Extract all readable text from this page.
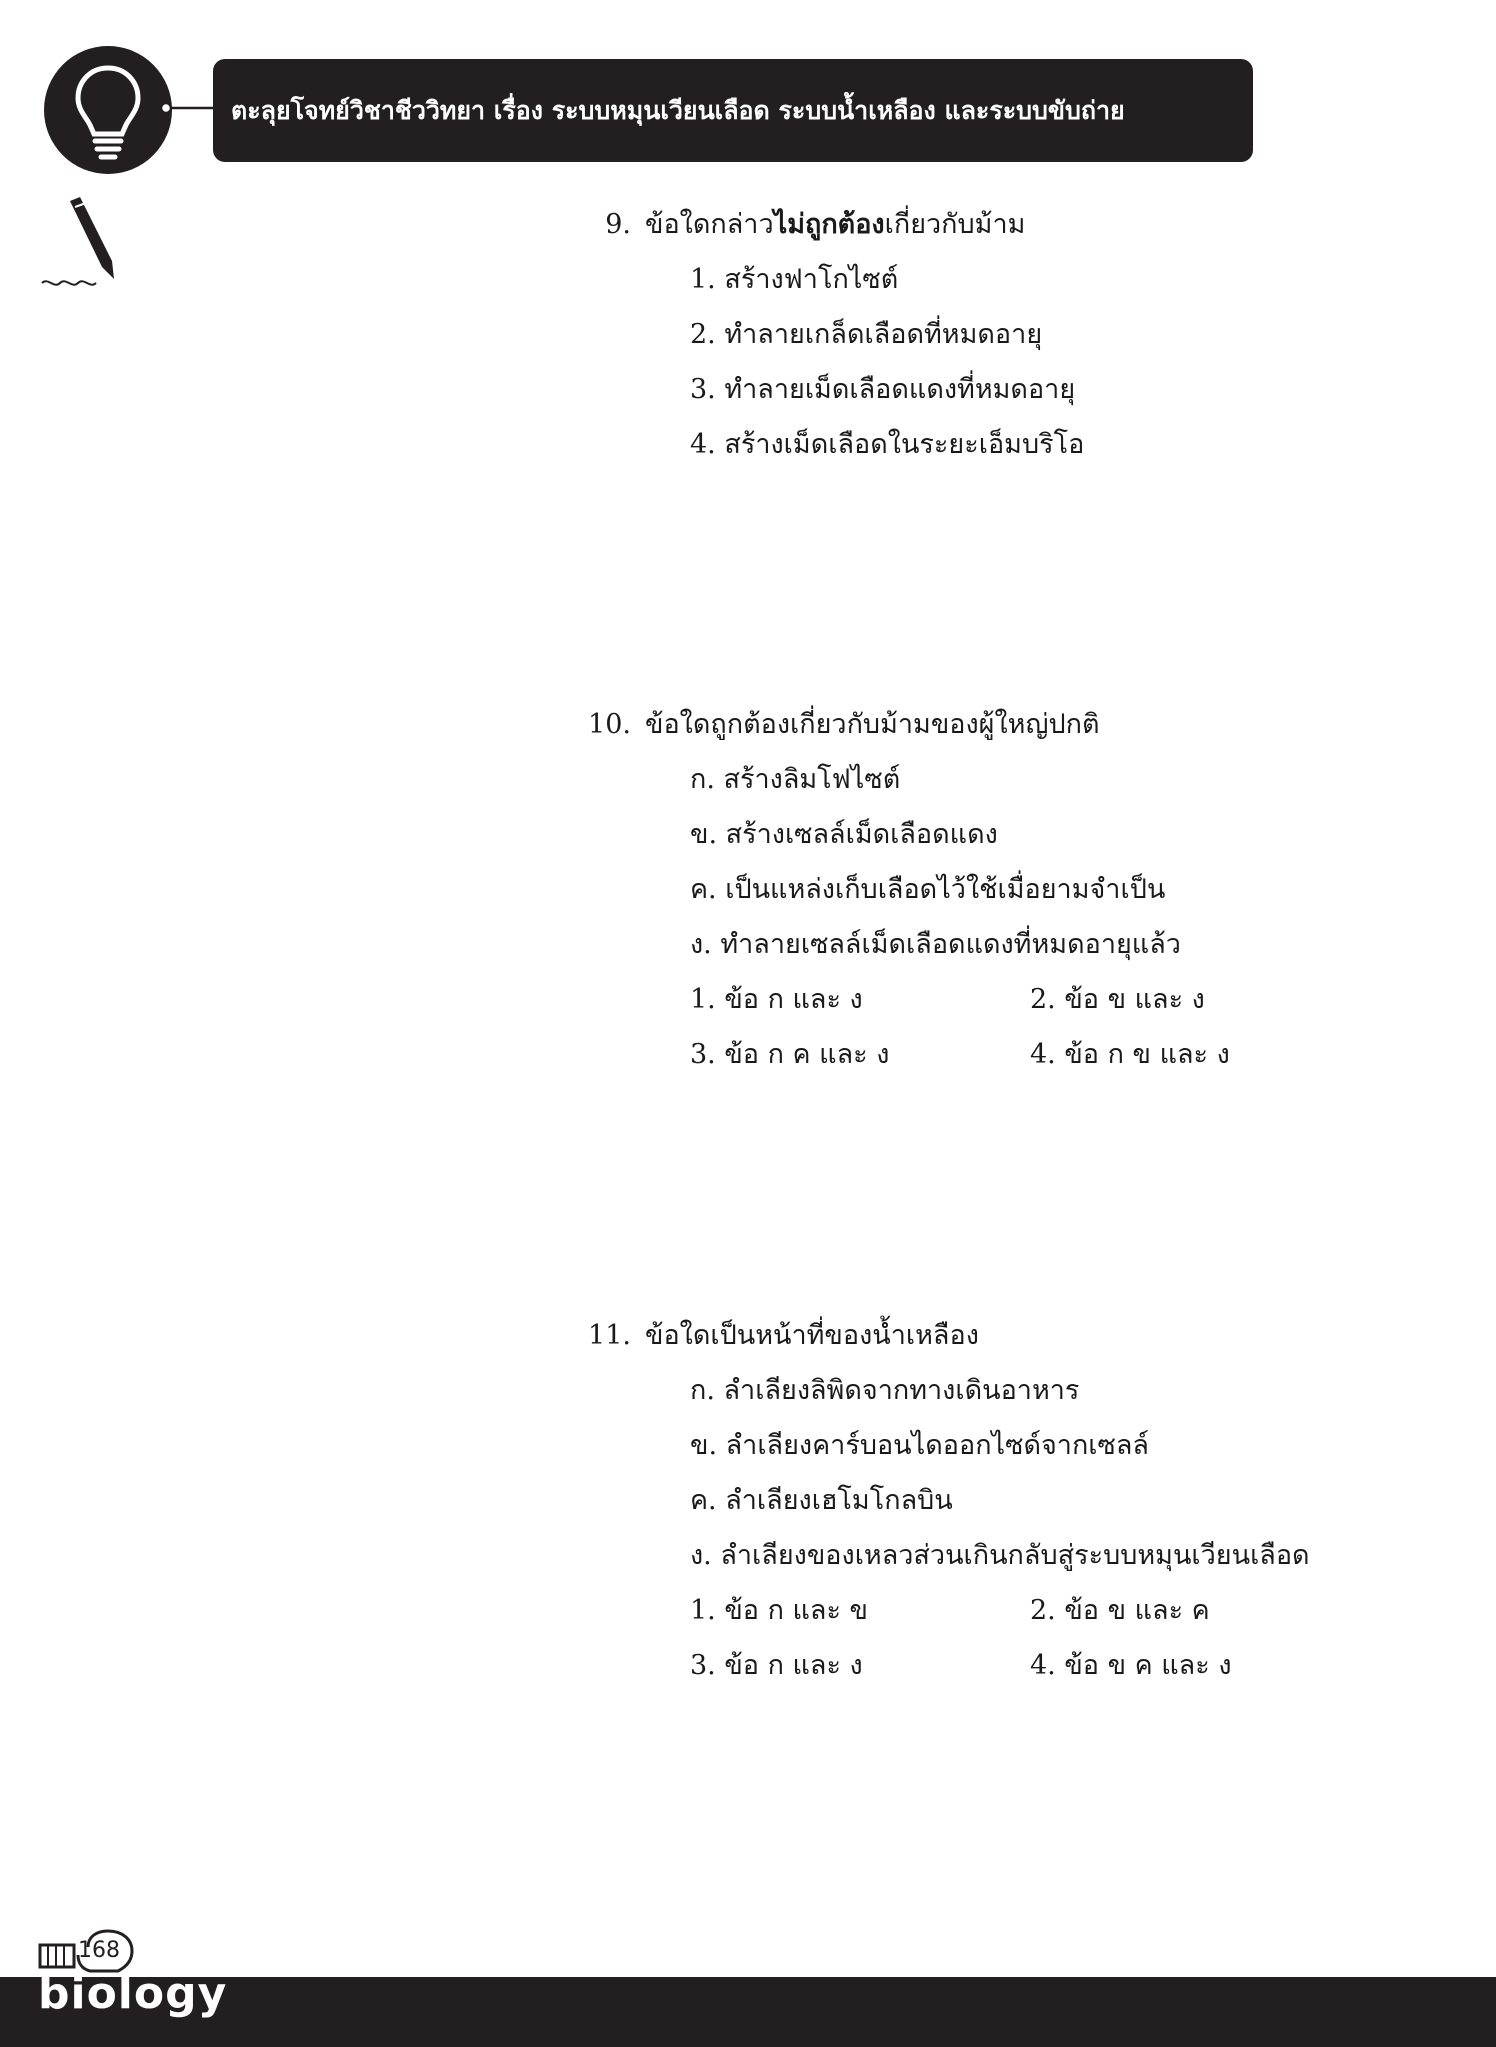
ตะลุยโจทย์วิชาชีววิทยา เรื่อง ระบบหมุนเวียนเลือด ระบบน้ำเหลือง และระบบขับถ่าย
9. ข้อใดกล่าวไม่ถูกต้องเกี่ยวกับม้าม
1. สร้างฟาโกไซต์
2. ทำลายเกล็ดเลือดที่หมดอายุ
3. ทำลายเม็ดเลือดแดงที่หมดอายุ
4. สร้างเม็ดเลือดในระยะเอ็มบริโอ
10. ข้อใดถูกต้องเกี่ยวกับม้ามของผู้ใหญ่ปกติ
ก. สร้างลิมโฟไซต์
ข. สร้างเซลล์เม็ดเลือดแดง
ค. เป็นแหล่งเก็บเลือดไว้ใช้เมื่อยามจำเป็น
ง. ทำลายเซลล์เม็ดเลือดแดงที่หมดอายุแล้ว
1. ข้อ ก และ ง	2. ข้อ ข และ ง
3. ข้อ ก ค และ ง	4. ข้อ ก ข และ ง
11. ข้อใดเป็นหน้าที่ของน้ำเหลือง
ก. ลำเลียงลิพิดจากทางเดินอาหาร
ข. ลำเลียงคาร์บอนไดออกไซด์จากเซลล์
ค. ลำเลียงเฮโมโกลบิน
ง. ลำเลียงของเหลวส่วนเกินกลับสู่ระบบหมุนเวียนเลือด
1. ข้อ ก และ ข	2. ข้อ ข และ ค
3. ข้อ ก และ ง	4. ข้อ ข ค และ ง
168
biology
